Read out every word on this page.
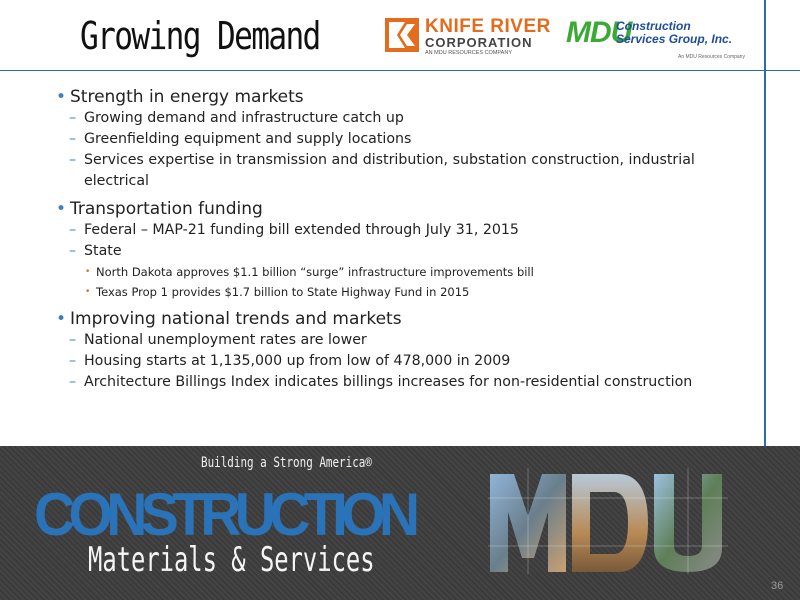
Growing Demand	KNIFE RIVER
CORPORATION
AN MDU RESOURCES COMPANY
MDU
Construction
Services Group, Inc.
An MDU Resources Company
• Strength in energy markets
– Growing demand and infrastructure catch up
– Greenfielding equipment and supply locations
– Services expertise in transmission and distribution, substation construction, industrial electrical
• Transportation funding
– Federal – MAP-21 funding bill extended through July 31, 2015
– State
• North Dakota approves $1.1 billion “surge” infrastructure improvements bill
• Texas Prop 1 provides $1.7 billion to State Highway Fund in 2015
• Improving national trends and markets
– National unemployment rates are lower
– Housing starts at 1,135,000 up from low of 478,000 in 2009
– Architecture Billings Index indicates billings increases for non-residential construction
Building a Strong America®
CONSTRUCTION
Materials & Services
36
